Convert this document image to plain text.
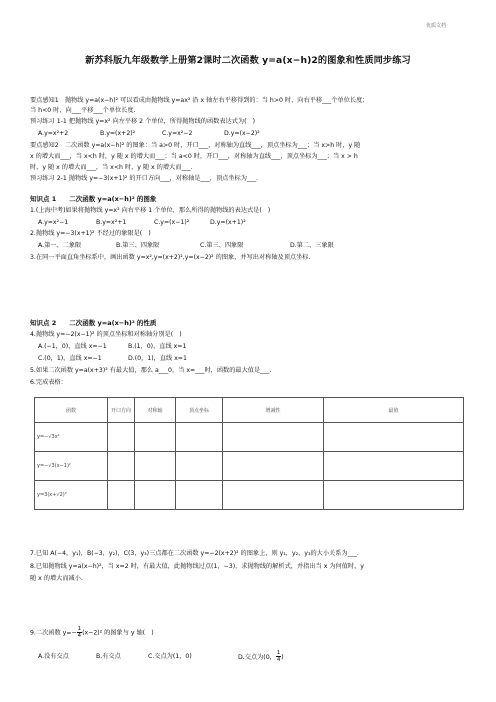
优质文档
新苏科版九年级数学上册第2课时二次函数 y=a(x−h)2的图象和性质同步练习
要点感知1　抛物线 y=a(x−h)² 可以看成由抛物线 y=ax² 沿 x 轴左右平移得到的：当 h>0 时，向右平移___个单位长度；
当 h<0 时，向___平移___个单位长度.
预习练习 1-1 把抛物线 y=x² 向左平移 2 个单位，所得抛物线的函数表达式为(　)
A.y=x²+2	B.y=(x+2)²	C.y=x²−2	D.y=(x−2)²
要点感知2　二次函数 y=a(x−h)² 的图象：当 a>0 时，开口___，对称轴为直线___，顶点坐标为___；当 x>h 时，y 随
x 的增大而___，当 x<h 时，y 随 x 的增大而___；当 a<0 时，开口___，对称轴为直线___，顶点坐标为___；当 x > h
时，y 随 x 的增大而___，当 x<h 时，y 随 x 的增大而___.
预习练习 2-1 抛物线 y=−3(x+1)² 的开口方向___，对称轴是___，顶点坐标为___.
知识点 1　　二次函数 y=a(x−h)² 的图象
1.(上海中考)如果将抛物线 y=x² 向右平移 1 个单位，那么所得的抛物线的表达式是(　)
A.y=x²−1	B.y=x²+1	C.y=(x−1)²	D.y=(x+1)²
2.抛物线 y=−3(x+1)² 不经过的象限是(　)
A.第一、二象限	B.第三、四象限	C.第三、四象限	D.第二、三象限
3.在同一平面直角坐标系中，画出函数 y=x²,y=(x+2)²,y=(x−2)² 的图象，并写出对称轴及顶点坐标.
知识点 2　　二次函数 y=a(x−h)² 的性质
4.抛物线 y=−2(x−1)² 的顶点坐标和对称轴分别是(　)
A.(−1，0)，直线 x=−1	B.(1，0)，直线 x=1
C.(0，1)，直线 x=−1	D.(0，1)，直线 x=1
5.如果二次函数 y=a(x+3)² 有最大值，那么 a___0，当 x=___时，函数的最大值是___.
6.完成表格：
函数	开口方向	对称轴	顶点坐标	增减性	最值
y=−√3x²					
y=−√3(x−1)²					
y=3(x+√2)²					
7.已知 A(−4，y₁)，B(−3，y₂)，C(3，y₃)三点都在二次函数 y=−2(x+2)² 的图象上，则 y₁，y₂，y₃的大小关系为___.
8.已知抛物线 y=a(x−h)²，当 x=2 时，有最大值，此抛物线过点(1，−3)，求抛物线的解析式，并指出当 x 为何值时，y
随 x 的增大而减小.
9.二次函数 $y=- \frac{1}{4} (x-2)^2$ 的图象与 y 轴(　)
A.没有交点	B.有交点	C.交点为(1，0)	D.交点为(0， $\frac{1}{4}$ )
